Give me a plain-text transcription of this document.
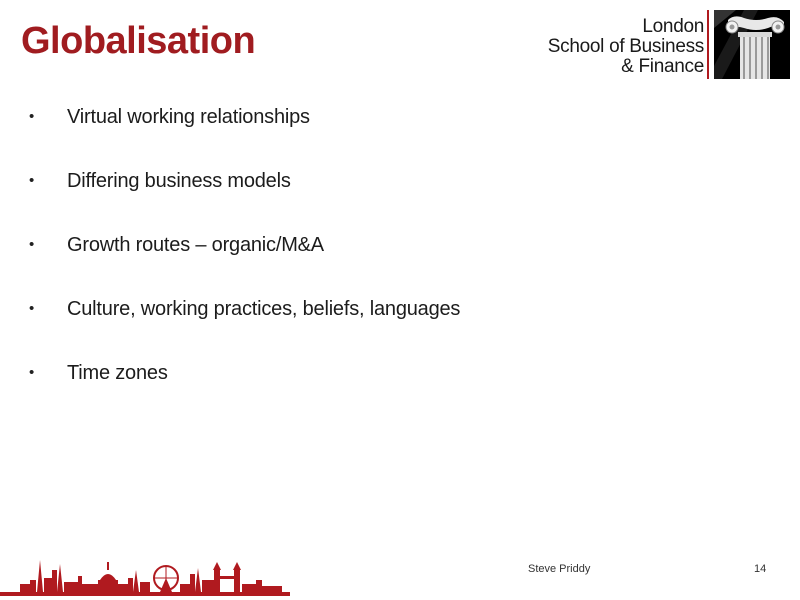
Globalisation	London
School of Business
& Finance
•	Virtual working relationships
•	Differing business models
•	Growth routes – organic/M&A
•	Culture, working practices, beliefs, languages
•	Time zones
Steve Priddy	14
